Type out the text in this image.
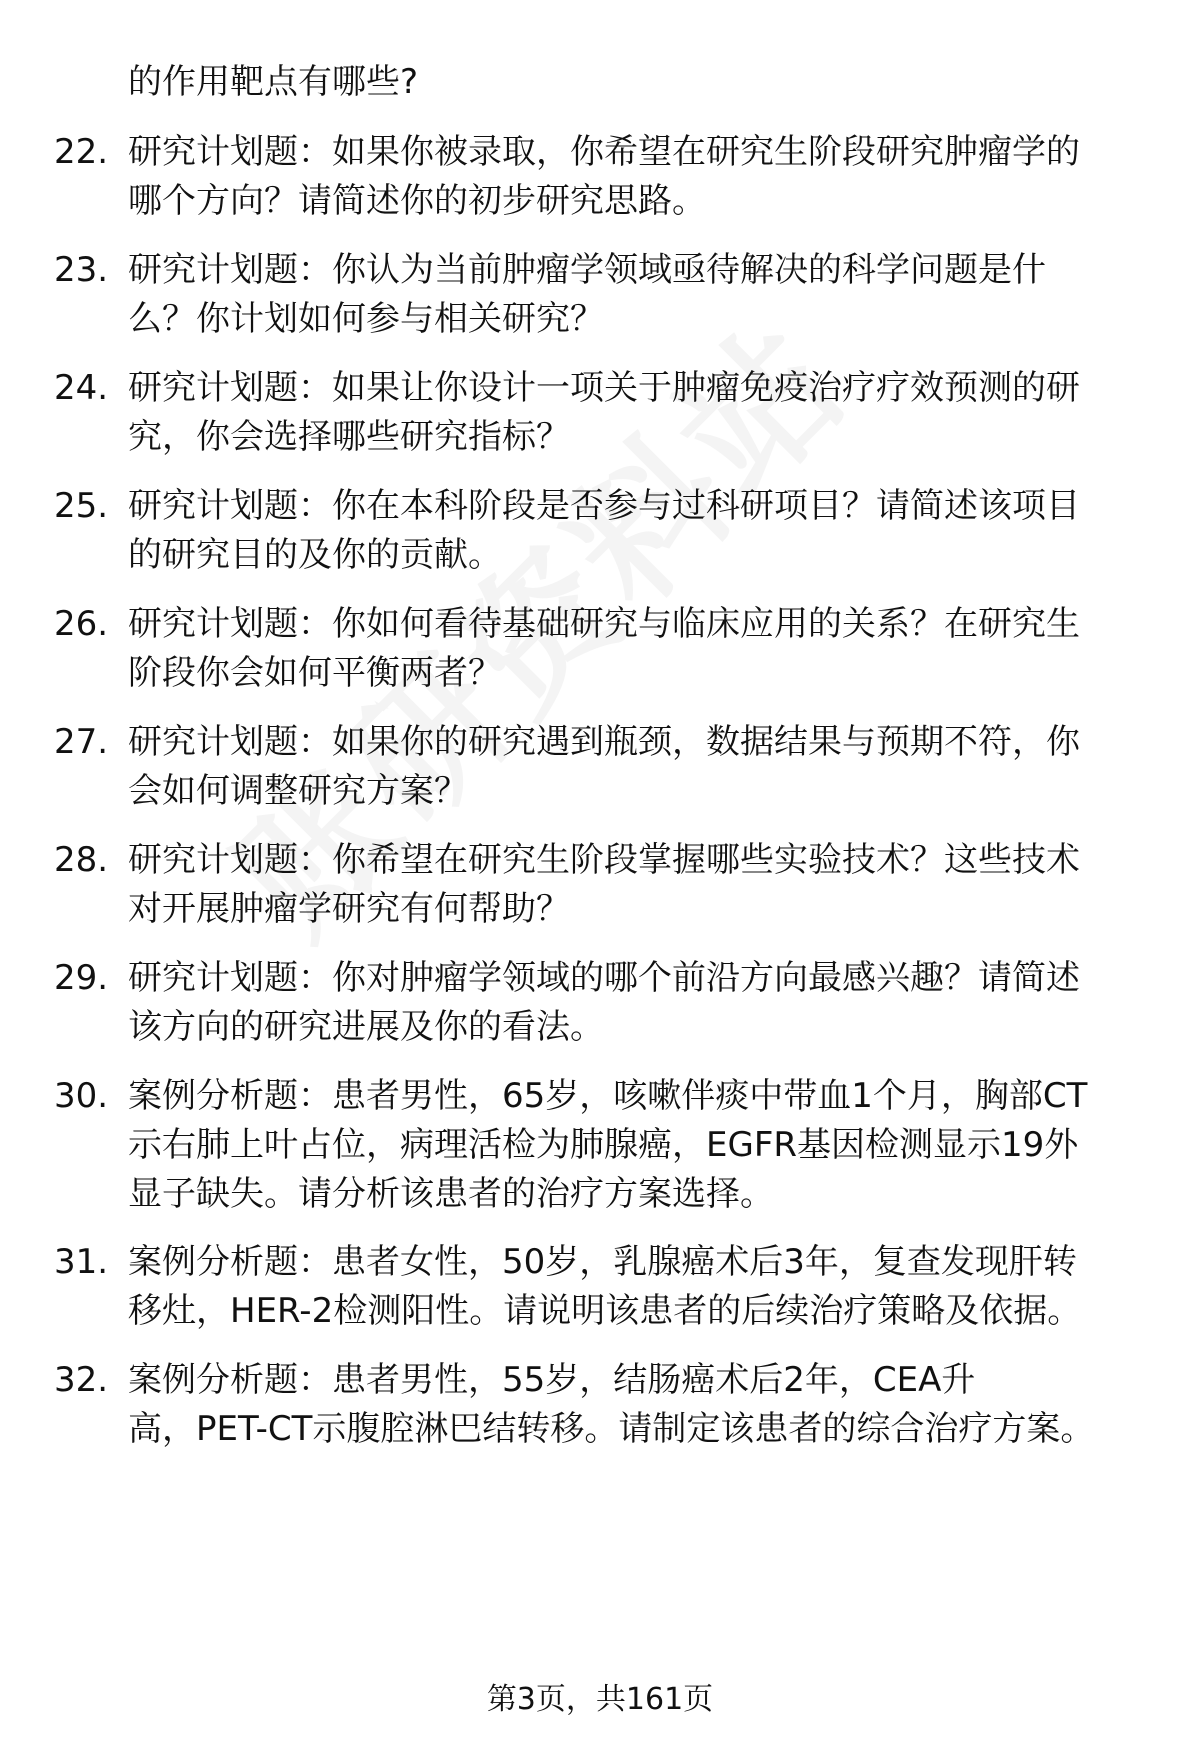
的作用靶点有哪些?
22. 研究计划题：如果你被录取，你希望在研究生阶段研究肿瘤学的
哪个方向？请简述你的初步研究思路。
23. 研究计划题：你认为当前肿瘤学领域亟待解决的科学问题是什
么？你计划如何参与相关研究？
24. 研究计划题：如果让你设计一项关于肿瘤免疫治疗疗效预测的研
究，你会选择哪些研究指标？
25. 研究计划题：你在本科阶段是否参与过科研项目？请简述该项目
的研究目的及你的贡献。
26. 研究计划题：你如何看待基础研究与临床应用的关系？在研究生
阶段你会如何平衡两者？
27. 研究计划题：如果你的研究遇到瓶颈，数据结果与预期不符，你
会如何调整研究方案？
28. 研究计划题：你希望在研究生阶段掌握哪些实验技术？这些技术
对开展肿瘤学研究有何帮助？
29. 研究计划题：你对肿瘤学领域的哪个前沿方向最感兴趣？请简述
该方向的研究进展及你的看法。
30. 案例分析题：患者男性，65岁，咳嗽伴痰中带血1个月，胸部CT
示右肺上叶占位，病理活检为肺腺癌，EGFR基因检测显示19外
显子缺失。请分析该患者的治疗方案选择。
31. 案例分析题：患者女性，50岁，乳腺癌术后3年，复查发现肝转
移灶，HER-2检测阳性。请说明该患者的后续治疗策略及依据。
32. 案例分析题：患者男性，55岁，结肠癌术后2年，CEA升
高，PET-CT示腹腔淋巴结转移。请制定该患者的综合治疗方案。
第3页，共161页
